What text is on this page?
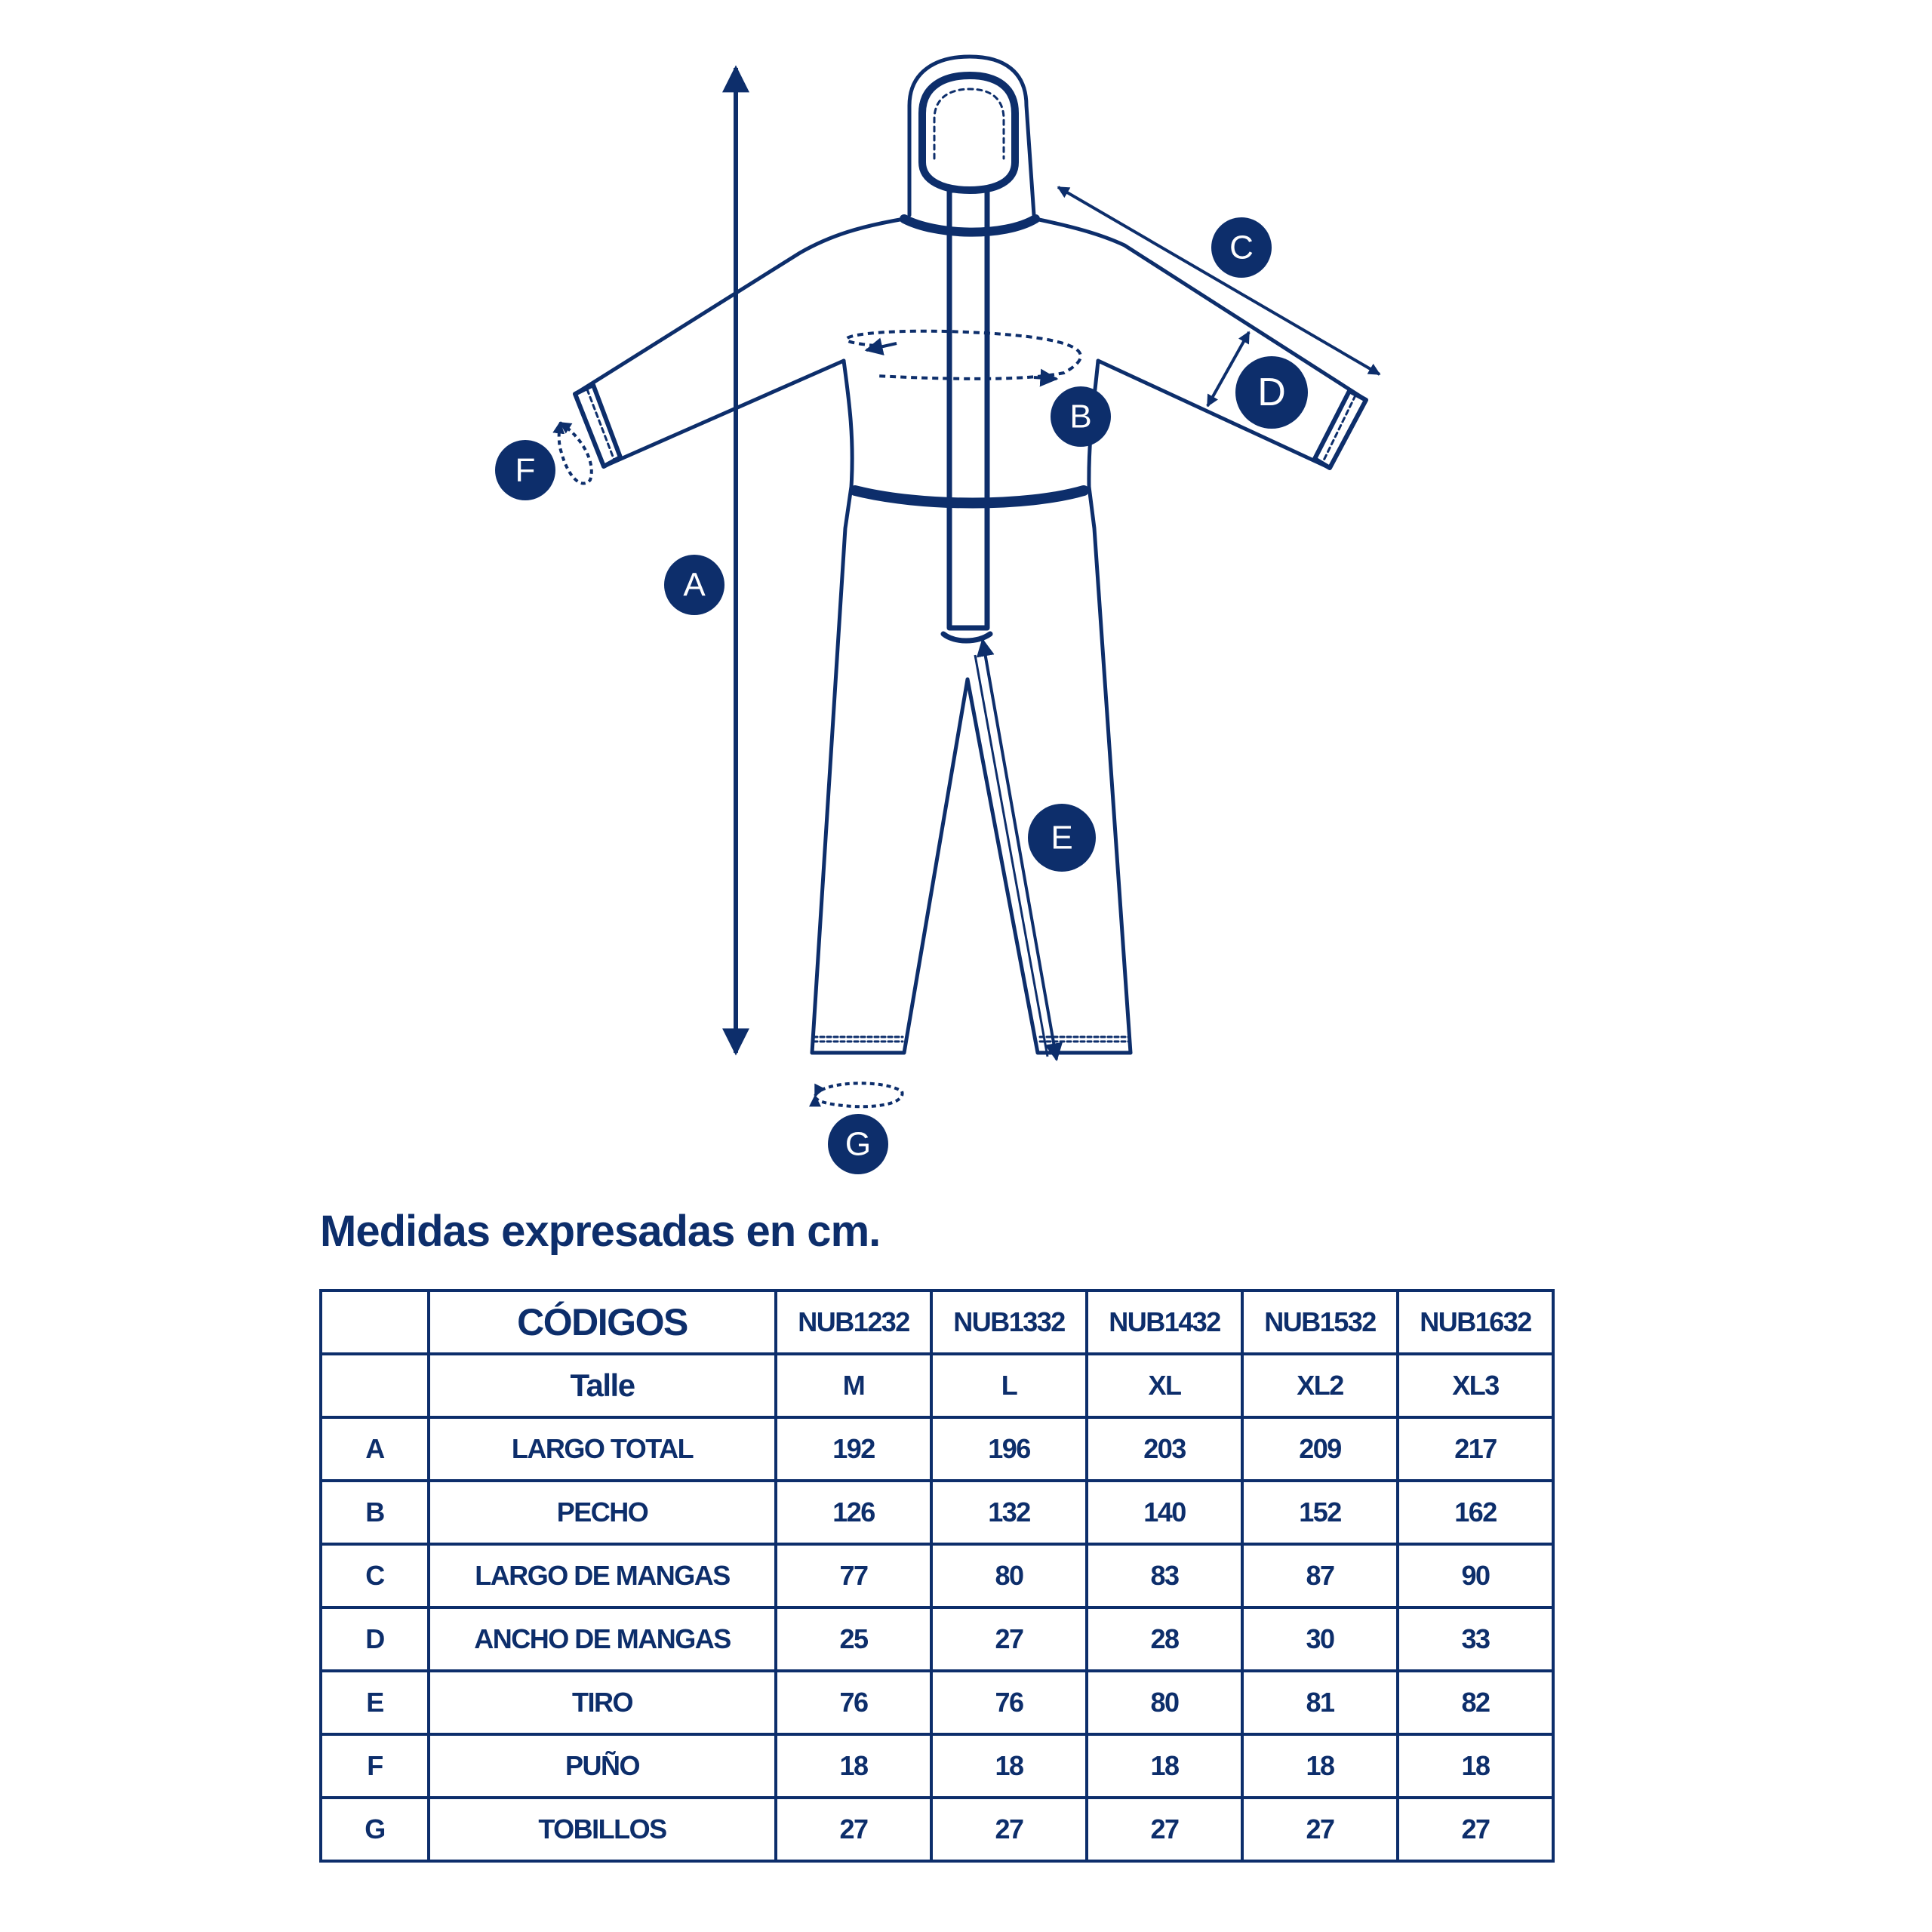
A
B
C
D
E
F
G
Medidas expresadas en cm.
	CÓDIGOS	NUB1232	NUB1332	NUB1432	NUB1532	NUB1632
	Talle	M	L	XL	XL2	XL3
A	LARGO TOTAL	192	196	203	209	217
B	PECHO	126	132	140	152	162
C	LARGO DE MANGAS	77	80	83	87	90
D	ANCHO DE MANGAS	25	27	28	30	33
E	TIRO	76	76	80	81	82
F	PUÑO	18	18	18	18	18
G	TOBILLOS	27	27	27	27	27
